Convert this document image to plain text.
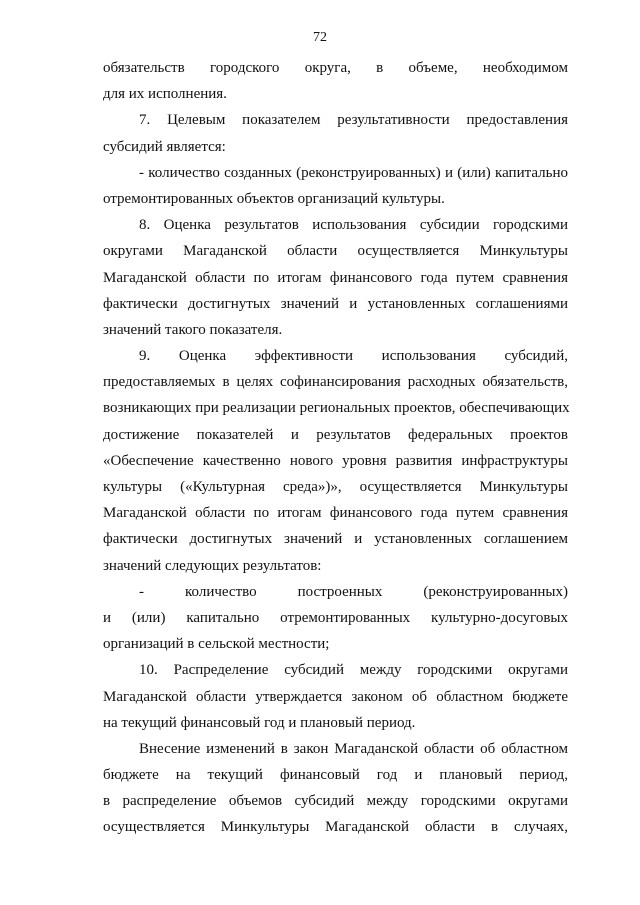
72
обязательств городского округа, в объеме, необходимом
для их исполнения.
7. Целевым показателем результативности предоставления
субсидий является:
- количество созданных (реконструированных) и (или) капитально
отремонтированных объектов организаций культуры.
8. Оценка результатов использования субсидии городскими
округами Магаданской области осуществляется Минкультуры
Магаданской области по итогам финансового года путем сравнения
фактически достигнутых значений и установленных соглашениями
значений такого показателя.
9. Оценка эффективности использования субсидий,
предоставляемых в целях софинансирования расходных обязательств,
возникающих при реализации региональных проектов, обеспечивающих
достижение показателей и результатов федеральных проектов
«Обеспечение качественно нового уровня развития инфраструктуры
культуры («Культурная среда»)», осуществляется Минкультуры
Магаданской области по итогам финансового года путем сравнения
фактически достигнутых значений и установленных соглашением
значений следующих результатов:
- количество построенных (реконструированных)
и (или) капитально отремонтированных культурно-досуговых
организаций в сельской местности;
10. Распределение субсидий между городскими округами
Магаданской области утверждается законом об областном бюджете
на текущий финансовый год и плановый период.
Внесение изменений в закон Магаданской области об областном
бюджете на текущий финансовый год и плановый период,
в распределение объемов субсидий между городскими округами
осуществляется Минкультуры Магаданской области в случаях,
